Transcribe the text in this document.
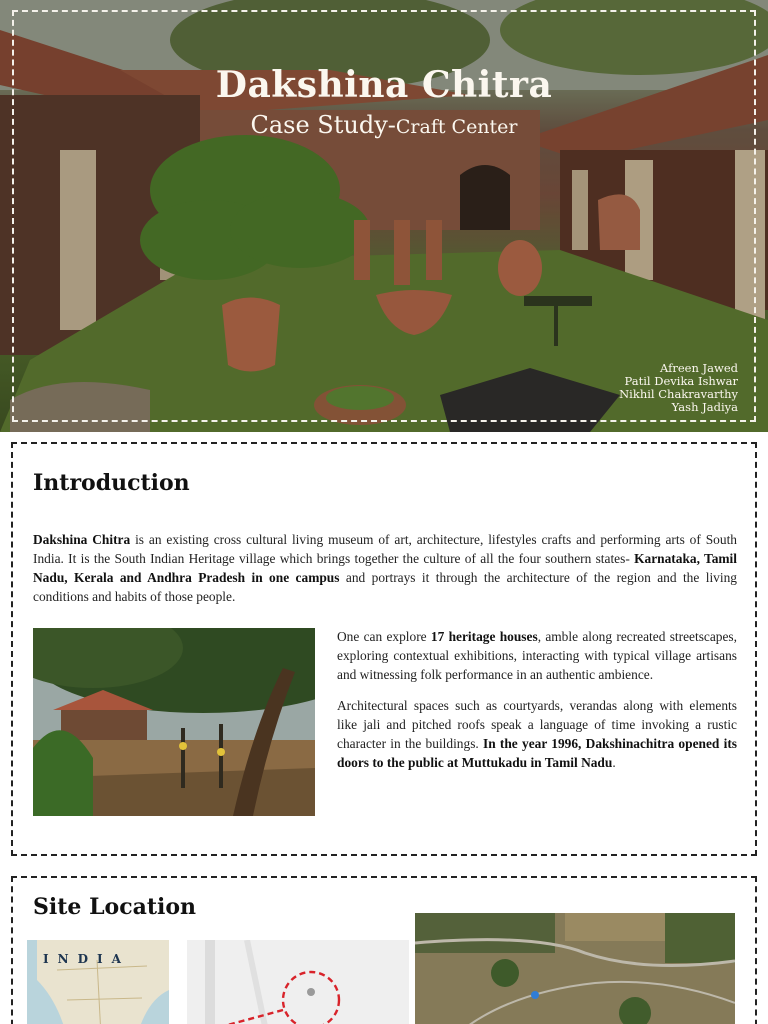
Dakshina Chitra
Case Study-Craft Center
Afreen Jawed
Patil Devika Ishwar
Nikhil Chakravarthy
Yash Jadiya
Introduction

Dakshina Chitra is an existing cross cultural living museum of art, architecture, lifestyles crafts and performing arts of South India. It is the South Indian Heritage village which brings together the culture of all the four southern states- Karnataka, Tamil Nadu, Kerala and Andhra Pradesh in one campus and portrays it through the architecture of the region and the living conditions and habits of those people.

One can explore 17 heritage houses, amble along recreated streetscapes, exploring contextual exhibitions, interacting with typical village artisans and witnessing folk performance in an authentic ambience.

Architectural spaces such as courtyards, verandas along with elements like jali and pitched roofs speak a language of time invoking a rustic character in the buildings. In the year 1996, Dakshinachitra opened its doors to the public at Muttukadu in Tamil Nadu.

Site Location
INDIA
